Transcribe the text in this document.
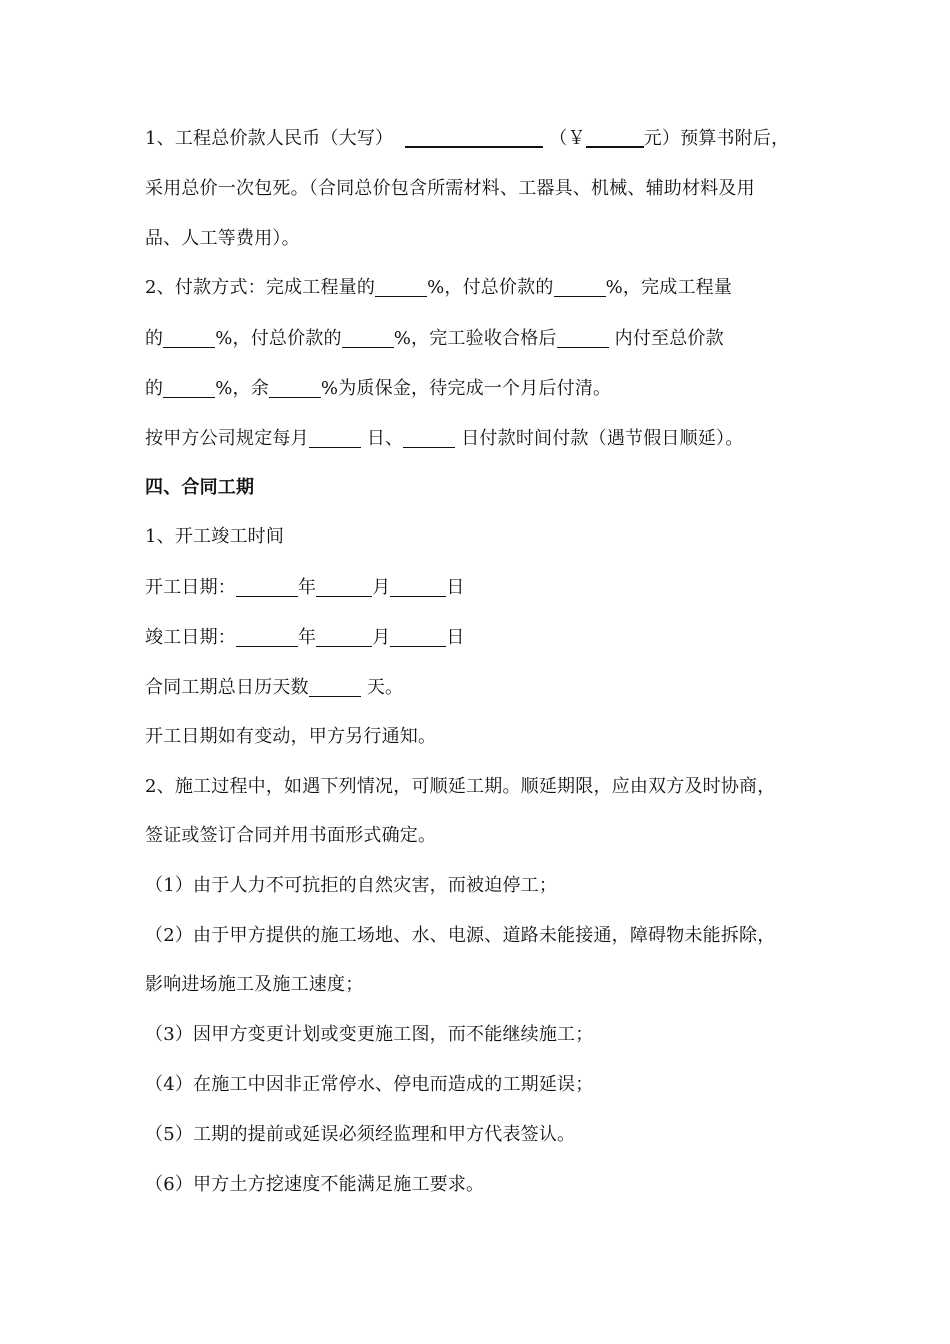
1、工程总价款人民币（大写）	（￥	元）预算书附后，
采用总价一次包死。（合同总价包含所需材料、工器具、机械、辅助材料及用
品、人工等费用）。
2、付款方式：完成工程量的	%，付总价款的	%，完成工程量
的	%，付总价款的	%，完工验收合格后	内付至总价款
的	%，余	%为质保金，待完成一个月后付清。
按甲方公司规定每月	日、	日付款时间付款（遇节假日顺延）。
四、合同工期
1、开工竣工时间
开工日期：	年	月	日
竣工日期：	年	月	日
合同工期总日历天数	天。
开工日期如有变动，甲方另行通知。
2、施工过程中，如遇下列情况，可顺延工期。顺延期限，应由双方及时协商，
签证或签订合同并用书面形式确定。
（1）由于人力不可抗拒的自然灾害，而被迫停工；
（2）由于甲方提供的施工场地、水、电源、道路未能接通，障碍物未能拆除，
影响进场施工及施工速度；
（3）因甲方变更计划或变更施工图，而不能继续施工；
（4）在施工中因非正常停水、停电而造成的工期延误；
（5）工期的提前或延误必须经监理和甲方代表签认。
（6）甲方土方挖速度不能满足施工要求。
